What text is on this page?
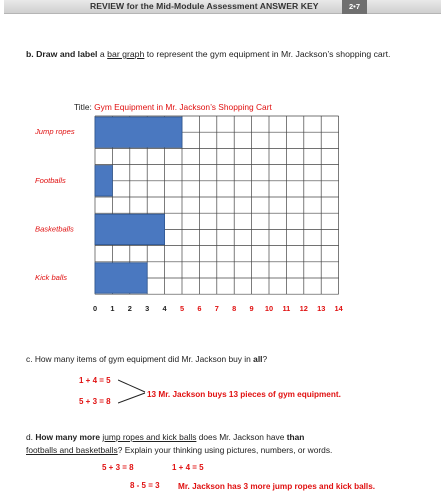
REVIEW for the Mid-Module Assessment ANSWER KEY	2•7
b. Draw and label a bar graph to represent the gym equipment in Mr. Jackson’s shopping cart.
Title: Gym Equipment in Mr. Jackson’s Shopping Cart
Jump ropes
Footballs
Basketballs
Kick balls
0 1 2 3 4 5 6 7 8 9 10 11 12 13 14
c. How many items of gym equipment did Mr. Jackson buy in all?
1 + 4 = 5
5 + 3 = 8
13 Mr. Jackson buys 13 pieces of gym equipment.
d. How many more jump ropes and kick balls does Mr. Jackson have than
footballs and basketballs? Explain your thinking using pictures, numbers, or words.
5 + 3 = 8	1 + 4 = 5
8 - 5 = 3 Mr. Jackson has 3 more jump ropes and kick balls.
